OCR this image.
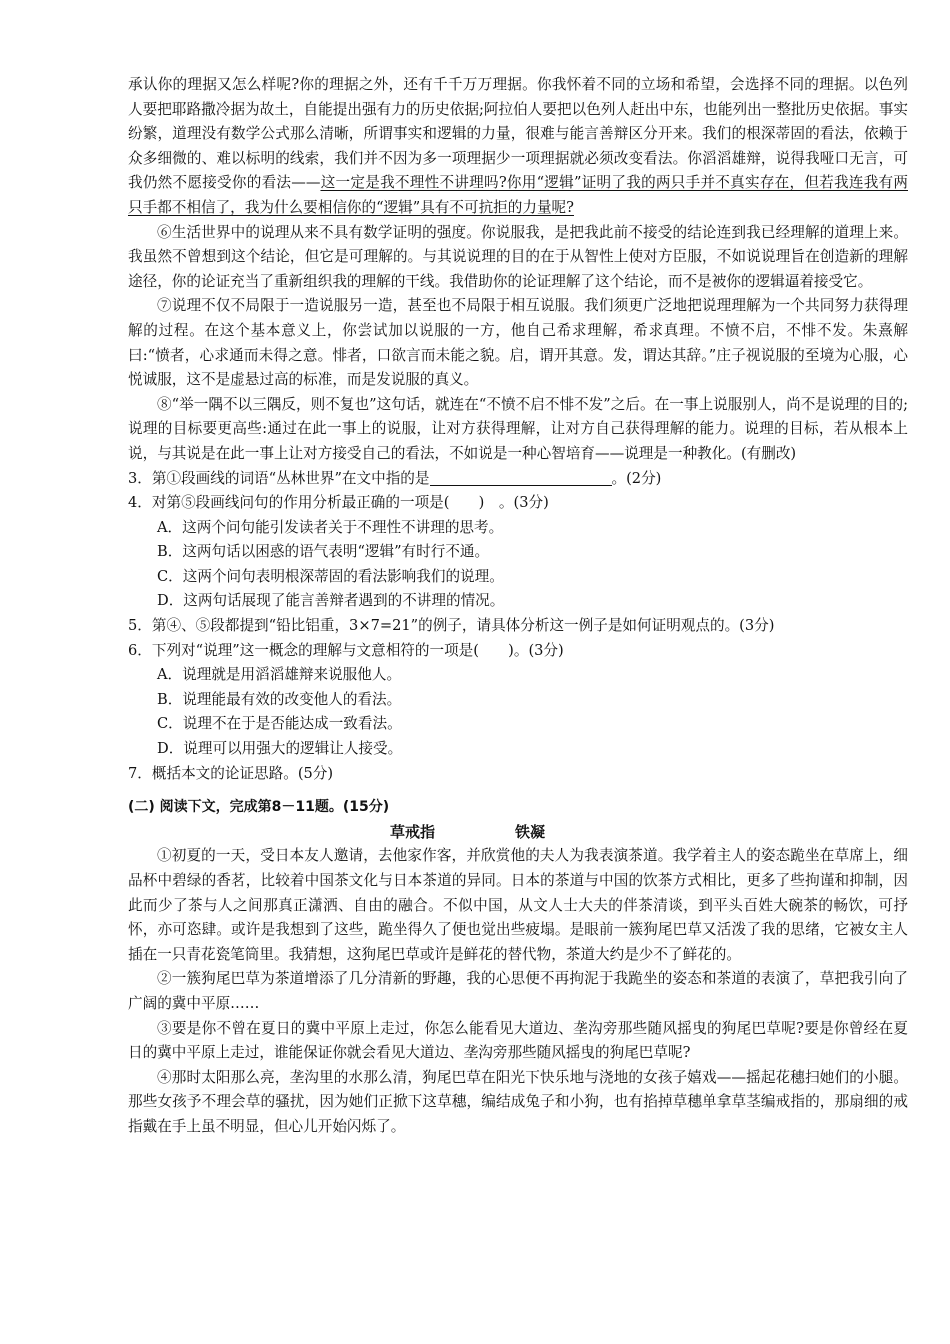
承认你的理据又怎么样呢?你的理据之外，还有千千万万理据。你我怀着不同的立场和希望，会选择不同的理据。以色列人要把耶路撒冷据为故土，自能提出强有力的历史依据;阿拉伯人要把以色列人赶出中东，也能列出一整批历史依据。事实纷繁，道理没有数学公式那么清晰，所谓事实和逻辑的力量，很难与能言善辩区分开来。我们的根深蒂固的看法，依赖于众多细微的、难以标明的线索，我们并不因为多一项理据少一项理据就必须改变看法。你滔滔雄辩，说得我哑口无言，可我仍然不愿接受你的看法——这一定是我不理性不讲理吗?你用“逻辑”证明了我的两只手并不真实存在，但若我连我有两只手都不相信了，我为什么要相信你的“逻辑”具有不可抗拒的力量呢?

⑥生活世界中的说理从来不具有数学证明的强度。你说服我，是把我此前不接受的结论连到我已经理解的道理上来。我虽然不曾想到这个结论，但它是可理解的。与其说说理的目的在于从智性上使对方臣服，不如说说理旨在创造新的理解途径，你的论证充当了重新组织我的理解的干线。我借助你的论证理解了这个结论，而不是被你的逻辑逼着接受它。

⑦说理不仅不局限于一造说服另一造，甚至也不局限于相互说服。我们须更广泛地把说理理解为一个共同努力获得理解的过程。在这个基本意义上，你尝试加以说服的一方，他自己希求理解，希求真理。不愤不启，不悱不发。朱熹解曰:“愤者，心求通而未得之意。悱者，口欲言而未能之貌。启，谓开其意。发，谓达其辞。”庄子视说服的至境为心服，心悦诚服，这不是虚悬过高的标准，而是发说服的真义。

⑧“举一隅不以三隅反，则不复也”这句话，就连在“不愤不启不悱不发”之后。在一事上说服别人，尚不是说理的目的;说理的目标要更高些:通过在此一事上的说服，让对方获得理解，让对方自己获得理解的能力。说理的目标，若从根本上说，与其说是在此一事上让对方接受自己的看法，不如说是一种心智培育——说理是一种教化。(有删改)

3．第①段画线的词语“丛林世界”在文中指的是	。(2分)

4．对第⑤段画线问句的作用分析最正确的一项是(　　)　。(3分)

A．这两个问句能引发读者关于不理性不讲理的思考。

B．这两句话以困惑的语气表明“逻辑”有时行不通。

C．这两个问句表明根深蒂固的看法影响我们的说理。

D．这两句话展现了能言善辩者遇到的不讲理的情况。

5．第④、⑤段都提到“铅比铝重，3×7=21”的例子，请具体分析这一例子是如何证明观点的。(3分)

6．下列对“说理”这一概念的理解与文意相符的一项是(　　)。(3分)

A．说理就是用滔滔雄辩来说服他人。

B．说理能最有效的改变他人的看法。

C．说理不在于是否能达成一致看法。

D．说理可以用强大的逻辑让人接受。

7．概括本文的论证思路。(5分)

(二) 阅读下文，完成第8－11题。(15分)

草戒指	铁凝

①初夏的一天，受日本友人邀请，去他家作客，并欣赏他的夫人为我表演茶道。我学着主人的姿态跪坐在草席上，细品杯中碧绿的香茗，比较着中国茶文化与日本茶道的异同。日本的茶道与中国的饮茶方式相比，更多了些拘谨和抑制，因此而少了茶与人之间那真正潇洒、自由的融合。不似中国，从文人士大夫的伴茶清谈，到平头百姓大碗茶的畅饮，可抒怀，亦可恣肆。或许是我想到了这些，跪坐得久了便也觉出些疲塌。是眼前一簇狗尾巴草又活泼了我的思绪，它被女主人插在一只青花瓷笔筒里。我猜想，这狗尾巴草或许是鲜花的替代物，茶道大约是少不了鲜花的。

②一簇狗尾巴草为茶道增添了几分清新的野趣，我的心思便不再拘泥于我跪坐的姿态和茶道的表演了，草把我引向了广阔的冀中平原……

③要是你不曾在夏日的冀中平原上走过，你怎么能看见大道边、垄沟旁那些随风摇曳的狗尾巴草呢?要是你曾经在夏日的冀中平原上走过，谁能保证你就会看见大道边、垄沟旁那些随风摇曳的狗尾巴草呢?

④那时太阳那么亮，垄沟里的水那么清，狗尾巴草在阳光下快乐地与浇地的女孩子嬉戏——摇起花穗扫她们的小腿。那些女孩予不理会草的骚扰，因为她们正掀下这草穗，编结成兔子和小狗，也有掐掉草穗单拿草茎编戒指的，那扇细的戒指戴在手上虽不明显，但心儿开始闪烁了。
